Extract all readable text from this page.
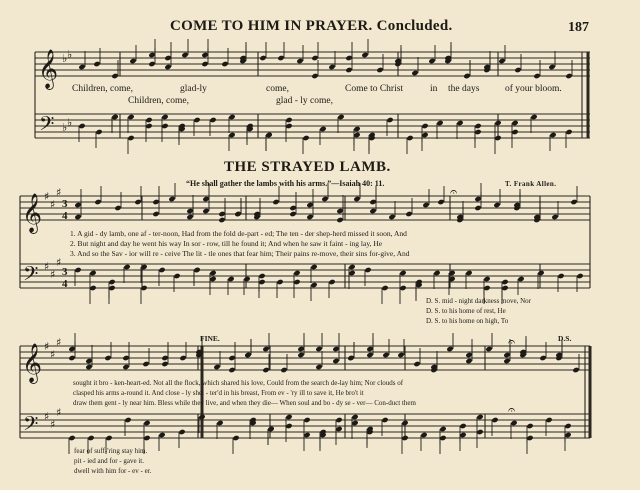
COME TO HIM IN PRAYER. Concluded.	187
𝄞 ♭ ♭
𝄢 ♭ ♭
𝄞 ♯
♯
♯
3
4
𝄢 ♯
♯
♯
3
4
𝄐
𝄞 ♯
♯
♯
𝄢 ♯
♯
♯
𝄐
𝄐
Children, come,	glad-ly	come,	Come to Christ	in the days	of your bloom.
Children, come,	glad - ly come,
THE STRAYED LAMB.
“He shall gather the lambs with his arms.”—Isaiah 40: 11.	T. Frank Allen.
1. A gid - dy lamb, one af - ter-noon, Had from the fold de-part - ed; The ten - der shep-herd missed it soon, And
2. But night and day he went his way In sor - row, till he found it; And when he saw it faint - ing lay, He
3. And so the Sav - ior will re - ceive The lit - tle ones that fear him; Their pains re-move, their sins for-give, And
D. S. mid - night darkness move, Nor
D. S. to his home of rest, He
D. S. to his home on high, To
FINE.	D.S.
sought it bro - ken-heart-ed. Not all the flock, which shared his love, Could from the search de-lay him; Nor clouds of
clasped his arms a-round it. And close - ly shel - ter'd in his breast, From ev - 'ry ill to save it, He bro't it
draw them gent - ly near him. Bless while they live, and when they die— When soul and bo - dy se - ver— Con-duct them
fear of suff-'ring stay him.
pit - ied and for - gave it.
dwell with him for - ev - er.
